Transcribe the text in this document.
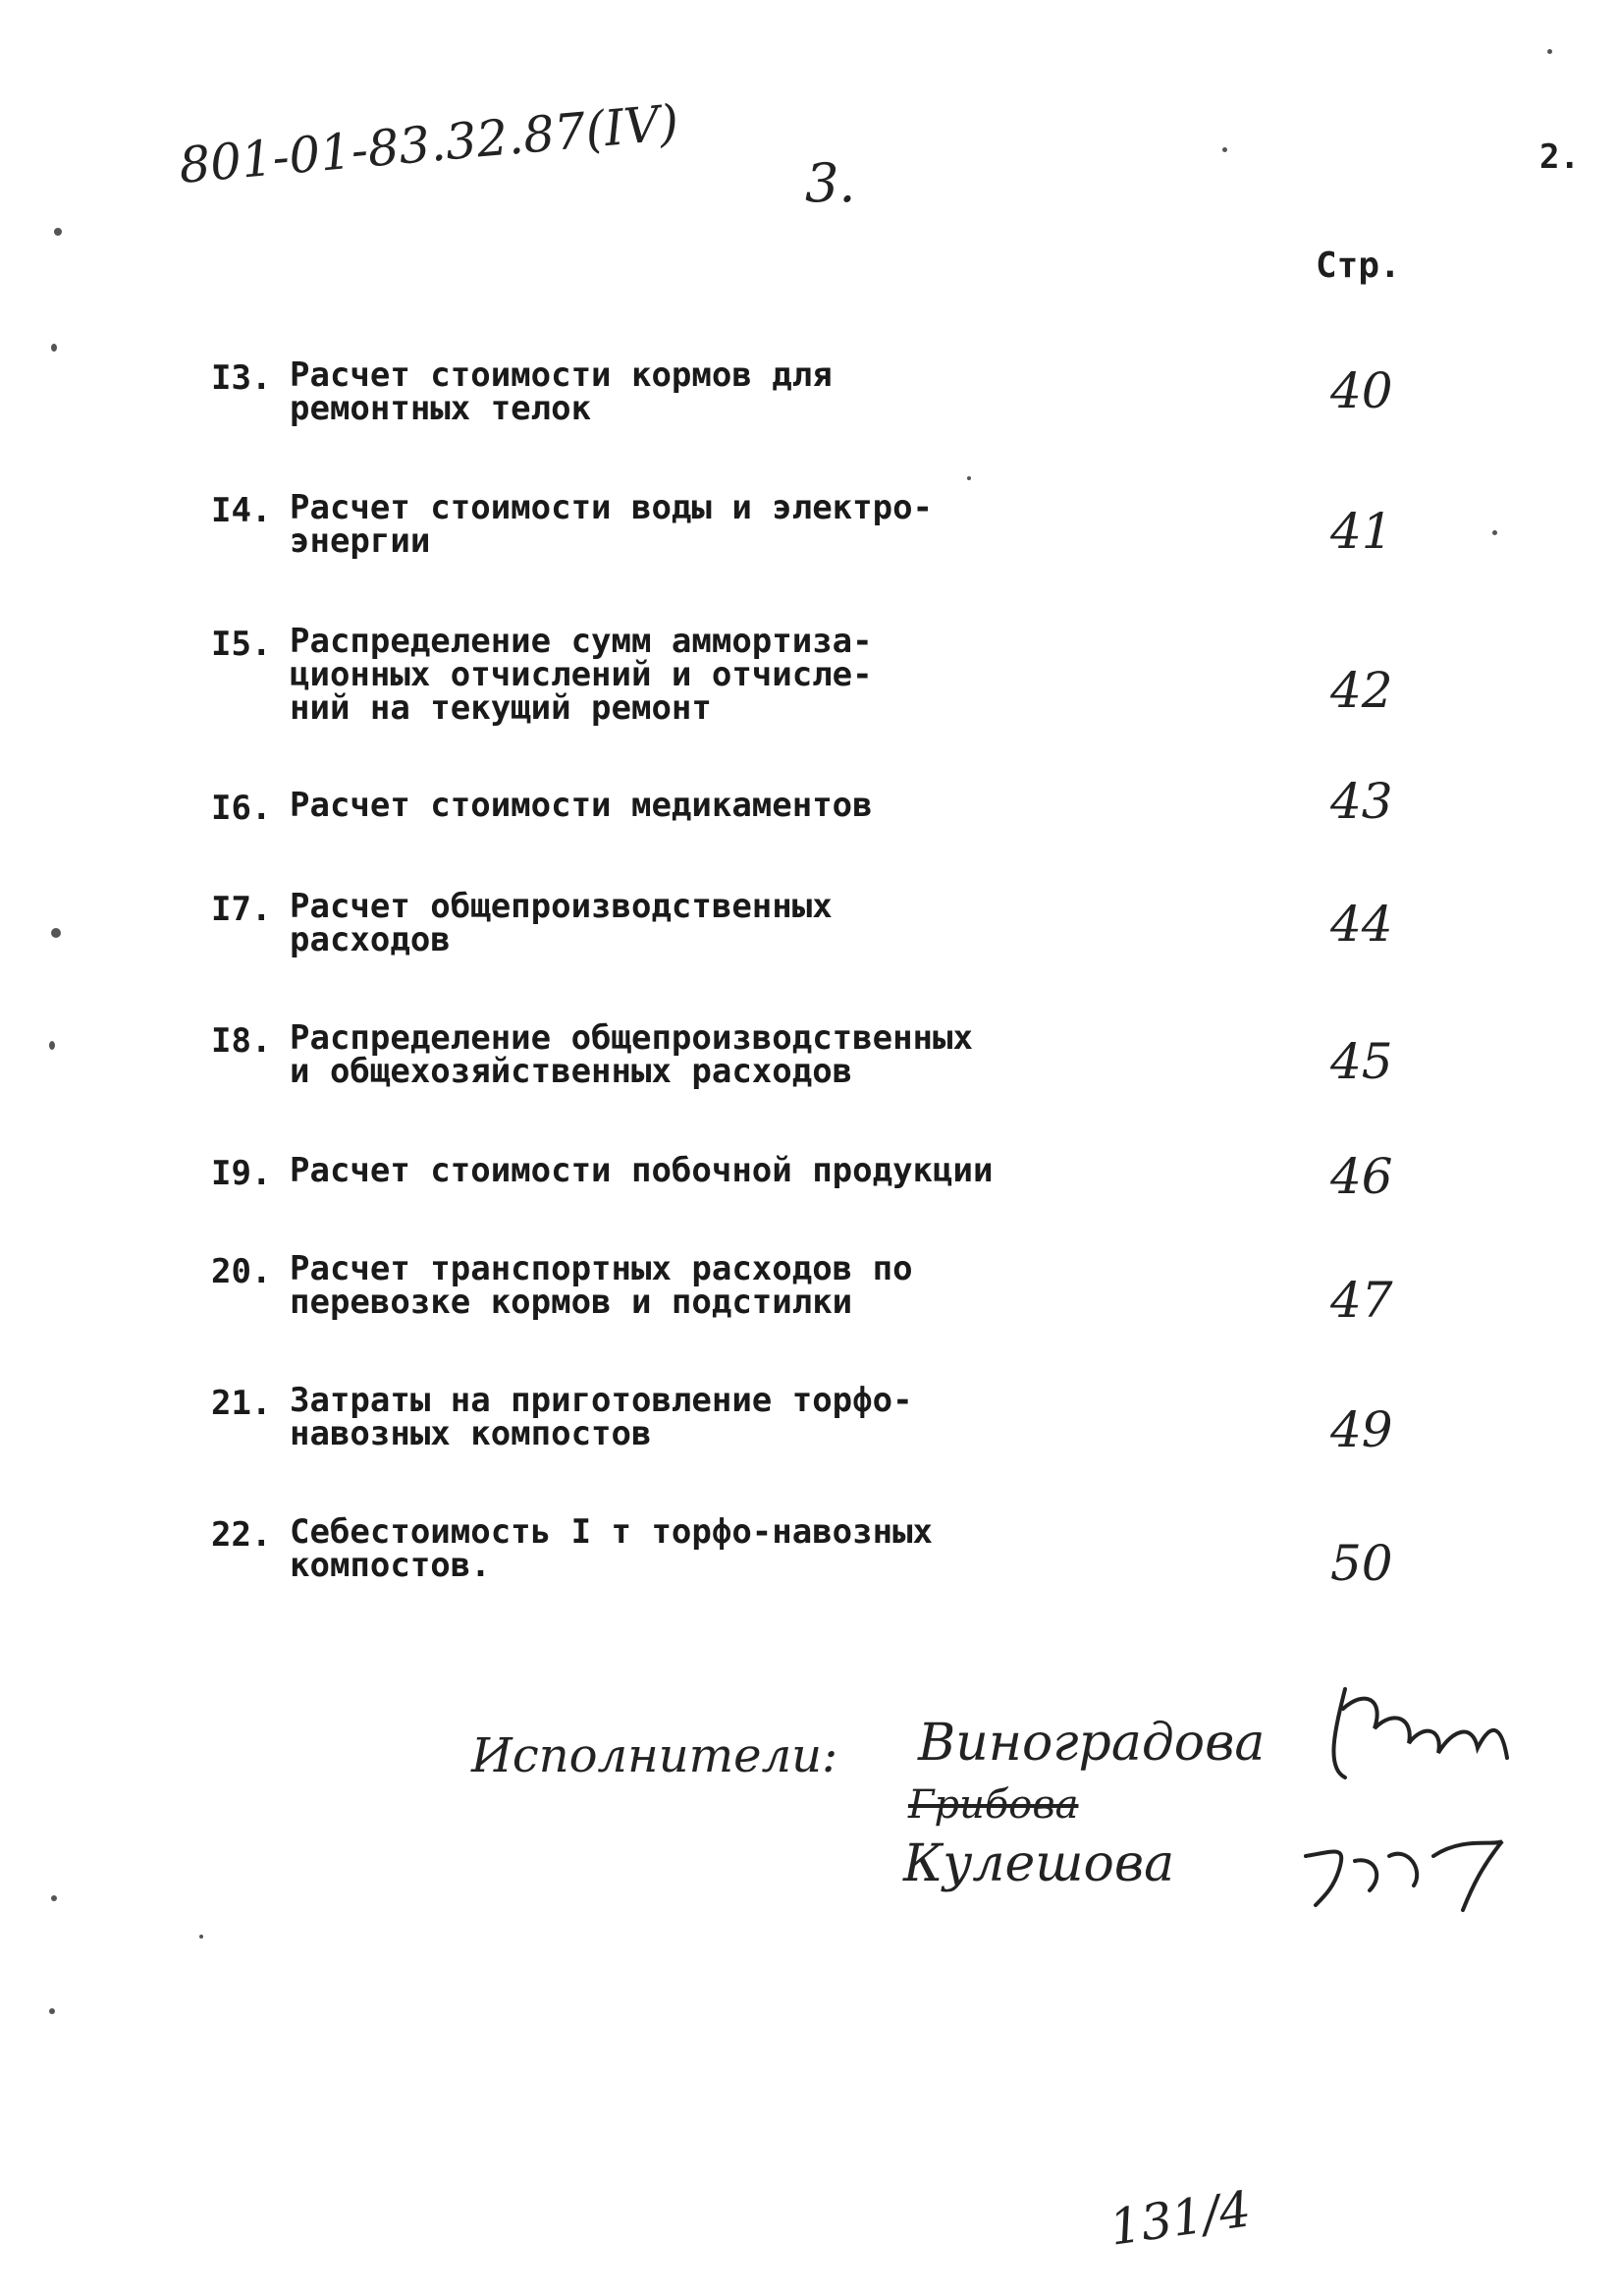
801-01-83.32.87(IV) 3.	2.
Стр.
I3. Расчет стоимости кормов для
ремонтных телок	40
I4. Расчет стоимости воды и электро-
энергии	41
I5. Распределение сумм аммортиза-
ционных отчислений и отчисле-
ний на текущий ремонт	42
I6. Расчет стоимости медикаментов	43
I7. Расчет общепроизводственных
расходов	44
I8. Распределение общепроизводственных
и общехозяйственных расходов	45
I9. Расчет стоимости побочной продукции	46
20. Расчет транспортных расходов по
перевозке кормов и подстилки	47
21. Затраты на приготовление торфо-
навозных компостов	49
22. Себестоимость I т торфо-навозных
компостов.	50
Исполнители: Виноградова
Грибова
Кулешова
131/4
